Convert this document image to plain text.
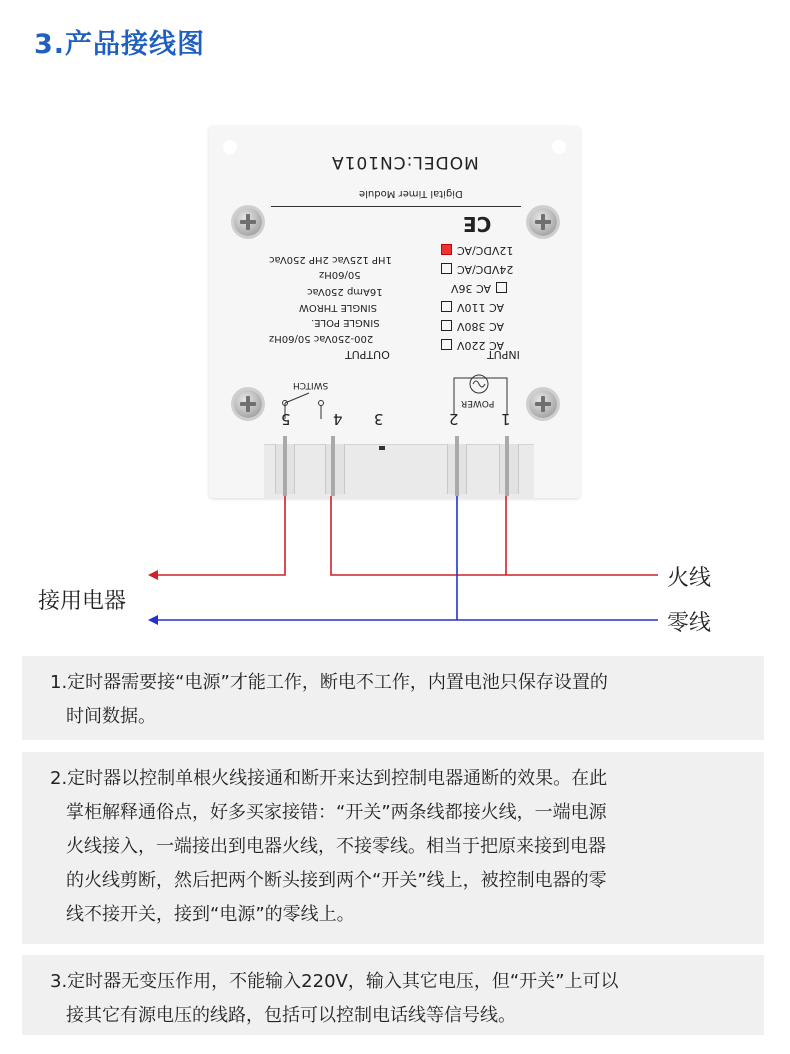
3.产品接线图
MODEL:CN101A
Digital Timer Module
CE
1HP 125Vac 2HP 250Vac
50/60Hz
16Amp 250Vac
SINGLE THROW
SINGLE POLE.
200-250Vac 50/60Hz
OUTPUT
12VDC/AC
24VDC/AC
AC 36V
AC 110V
AC 380V
AC 220V
INPUT
POWER
SWITCH
5	4 3	2	1
火线
零线
接用电器

1.定时器需要接“电源”才能工作，断电不工作，内置电池只保存设置的

时间数据。

2.定时器以控制单根火线接通和断开来达到控制电器通断的效果。在此

掌柜解释通俗点，好多买家接错：“开关”两条线都接火线，一端电源

火线接入，一端接出到电器火线，不接零线。相当于把原来接到电器

的火线剪断，然后把两个断头接到两个“开关”线上，被控制电器的零

线不接开关，接到“电源”的零线上。

3.定时器无变压作用，不能输入220V，输入其它电压，但“开关”上可以

接其它有源电压的线路，包括可以控制电话线等信号线。
